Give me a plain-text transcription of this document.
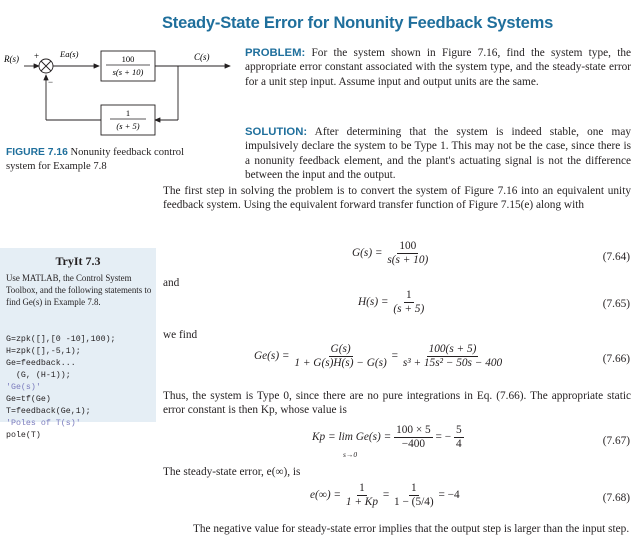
Steady-State Error for Nonunity Feedback Systems
R(s) +
−
Ea(s)	100
s(s + 10)
C(s)
1
(s + 5)
FIGURE 7.16 Nonunity feedback control
system for Example 7.8
PROBLEM: For the system shown in Figure 7.16, find the system type, the appropriate error constant associated with the system type, and the steady-state error for a unit step input. Assume input and output units are the same.
SOLUTION: After determining that the system is indeed stable, one may impulsively declare the system to be Type 1. This may not be the case, since there is a nonunity feedback element, and the plant's actuating signal is not the difference between the input and the output.
The first step in solving the problem is to convert the system of Figure 7.16 into an equivalent unity feedback system. Using the equivalent forward transfer function of Figure 7.15(e) along with
TryIt 7.3
Use MATLAB, the Control System Toolbox, and the following statements to find Ge(s) in Example 7.8.

G=zpk([],[0 -10],100);
H=zpk([],-5,1);
Ge=feedback...
(G, (H-1));
'Ge(s)'
Ge=tf(Ge)
T=feedback(Ge,1);
'Poles of T(s)'
pole(T)

$G(s) = \frac{100}{s(s + 10)}$	(7.64)
and
$H(s) = \frac{1}{(s + 5)}$	(7.65)
we find
$Ge(s) = \frac{G(s)}{1 + G(s)H(s) - G(s)} = \frac{100(s + 5)}{\text{s³ + 15s² − 50s − 400}}$	(7.66)
Thus, the system is Type 0, since there are no pure integrations in Eq. (7.66). The appropriate static error constant is then Kp, whose value is
$Kp = \lim Ge(s) = \frac{100 \times 5}{-400}$ = − $\frac{5}{4}$
s→0
(7.67)
The steady-state error, e(∞), is
$e(\infty) = \frac{1}{1 + Kp} = \frac{1}{1 - (5/4)} = -4$	(7.68)
The negative value for steady-state error implies that the output step is larger than the input step.
